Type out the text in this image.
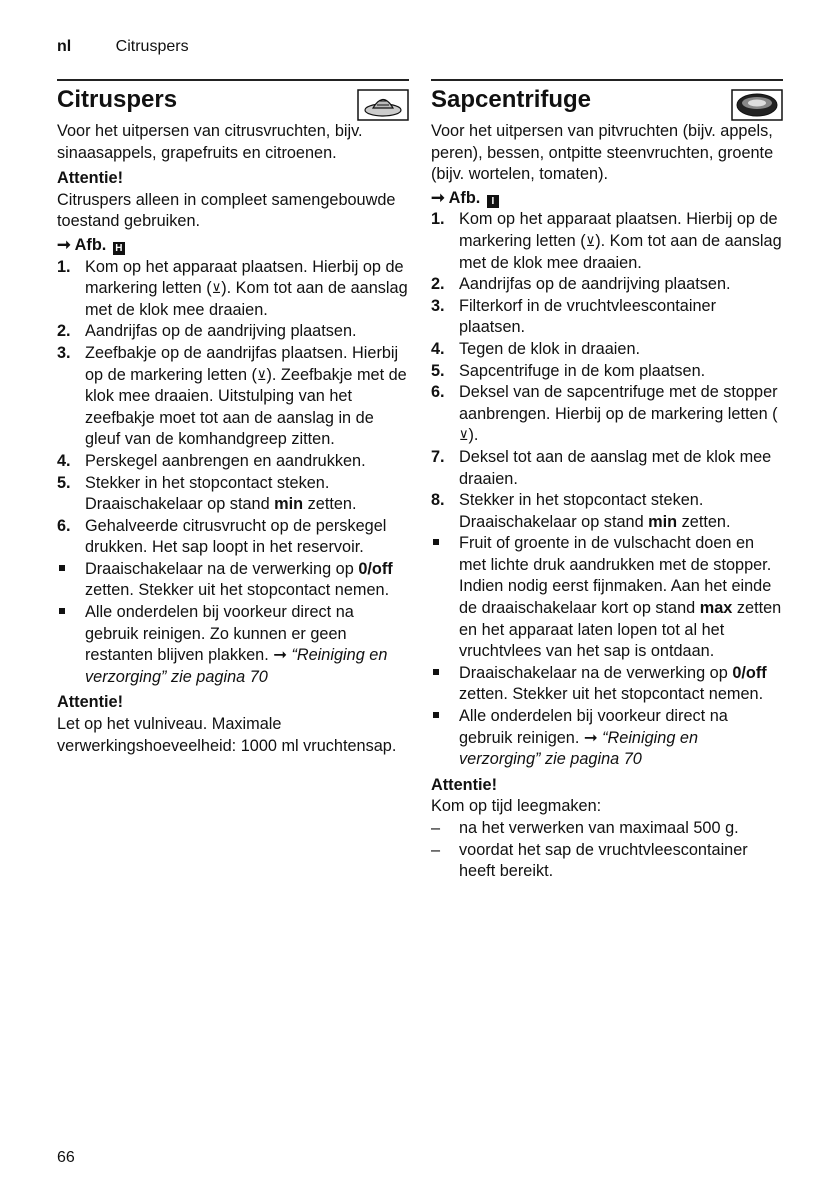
nl	Citruspers
Citruspers

Voor het uitpersen van citrusvruchten, bijv. sinaasappels, grapefruits en citroenen.

Attentie!

Citruspers alleen in compleet samengebouwde toestand gebruiken.

➞ Afb. H

1. Kom op het apparaat plaatsen. Hierbij op de markering letten (⊻). Kom tot aan de aanslag met de klok mee draaien.
2. Aandrijfas op de aandrijving plaatsen.
3. Zeefbakje op de aandrijfas plaatsen. Hierbij op de markering letten (⊻). Zeefbakje met de klok mee draaien. Uitstulping van het zeefbakje moet tot aan de aanslag in de gleuf van de komhandgreep zitten.
4. Perskegel aanbrengen en aandrukken.
5. Stekker in het stopcontact steken. Draaischakelaar op stand min zetten.
6. Gehalveerde citrusvrucht op de perskegel drukken. Het sap loopt in het reservoir.
Draaischakelaar na de verwerking op 0/off zetten. Stekker uit het stopcontact nemen.
Alle onderdelen bij voorkeur direct na gebruik reinigen. Zo kunnen er geen restanten blijven plakken. ➞ “Reiniging en verzorging” zie pagina 70

Attentie!

Let op het vulniveau. Maximale verwerkingshoeveelheid: 1000 ml vruchtensap.

Sapcentrifuge

Voor het uitpersen van pitvruchten (bijv. appels, peren), bessen, ontpitte steenvruchten, groente (bijv. wortelen, tomaten).

➞ Afb. I

1. Kom op het apparaat plaatsen. Hierbij op de markering letten (⊻). Kom tot aan de aanslag met de klok mee draaien.
2. Aandrijfas op de aandrijving plaatsen.
3. Filterkorf in de vruchtvleescontainer plaatsen.
4. Tegen de klok in draaien.
5. Sapcentrifuge in de kom plaatsen.
6. Deksel van de sapcentrifuge met de stopper aanbrengen. Hierbij op de markering letten (⊻).
7. Deksel tot aan de aanslag met de klok mee draaien.
8. Stekker in het stopcontact steken. Draaischakelaar op stand min zetten.
Fruit of groente in de vulschacht doen en met lichte druk aandrukken met de stopper. Indien nodig eerst fijnmaken. Aan het einde de draaischakelaar kort op stand max zetten en het apparaat laten lopen tot al het vruchtvlees van het sap is ontdaan.
Draaischakelaar na de verwerking op 0/off zetten. Stekker uit het stopcontact nemen.
Alle onderdelen bij voorkeur direct na gebruik reinigen. ➞ “Reiniging en verzorging” zie pagina 70

Attentie!

Kom op tijd leegmaken:

–	na het verwerken van maximaal 500 g.
–	voordat het sap de vruchtvleescontainer heeft bereikt.
66
